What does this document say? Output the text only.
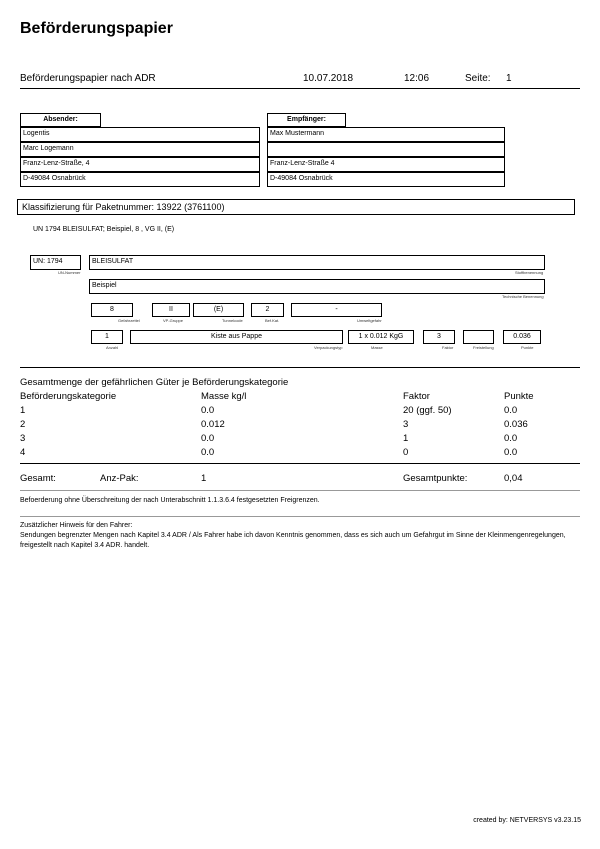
Beförderungspapier
Beförderungspapier nach ADR	10.07.2018	12:06	Seite: 1
Absender:
Logentis
Marc Logemann
Franz-Lenz-Straße, 4
D-49084 Osnabrück
Empfänger:
Max Mustermann
Franz-Lenz-Straße 4
D-49084 Osnabrück
Klassifizierung für Paketnummer: 13922 (3761100)
UN 1794 BLEISULFAT; Beispiel, 8 , VG II, (E)
UN: 1794
UN-Nummer
BLEISULFAT
Stoffbenennung
Beispiel
Technische Benennung
8
Gefahrzettel
II
VP-Gruppe
(E)
Tunnelcode
2
Bef.Kat.
-
Umweltgefahr
1
Anzahl
Kiste aus Pappe
Verpackungstyp
1 x 0.012 KgG
Masse
3
Faktor	Freistellung
0.036
Punkte
Gesamtmenge der gefährlichen Güter je Beförderungskategorie
Beförderungskategorie	Masse kg/l	Faktor	Punkte
1	0.0	20 (ggf. 50)	0.0
2	0.012	3	0.036
3	0.0	1	0.0
4	0.0	0	0.0
Gesamt:	Anz-Pak:	1	Gesamtpunkte:	0,04
Befoerderung ohne Überschreitung der nach Unterabschnitt 1.1.3.6.4 festgesetzten Freigrenzen.
Zusätzlicher Hinweis für den Fahrer:
Sendungen begrenzter Mengen nach Kapitel 3.4 ADR / Als Fahrer habe ich davon Kenntnis genommen, dass es sich auch um Gefahrgut im Sinne der Kleinmengenregelungen, freigestellt nach Kapitel 3.4 ADR. handelt.
created by: NETVERSYS v3.23.15
